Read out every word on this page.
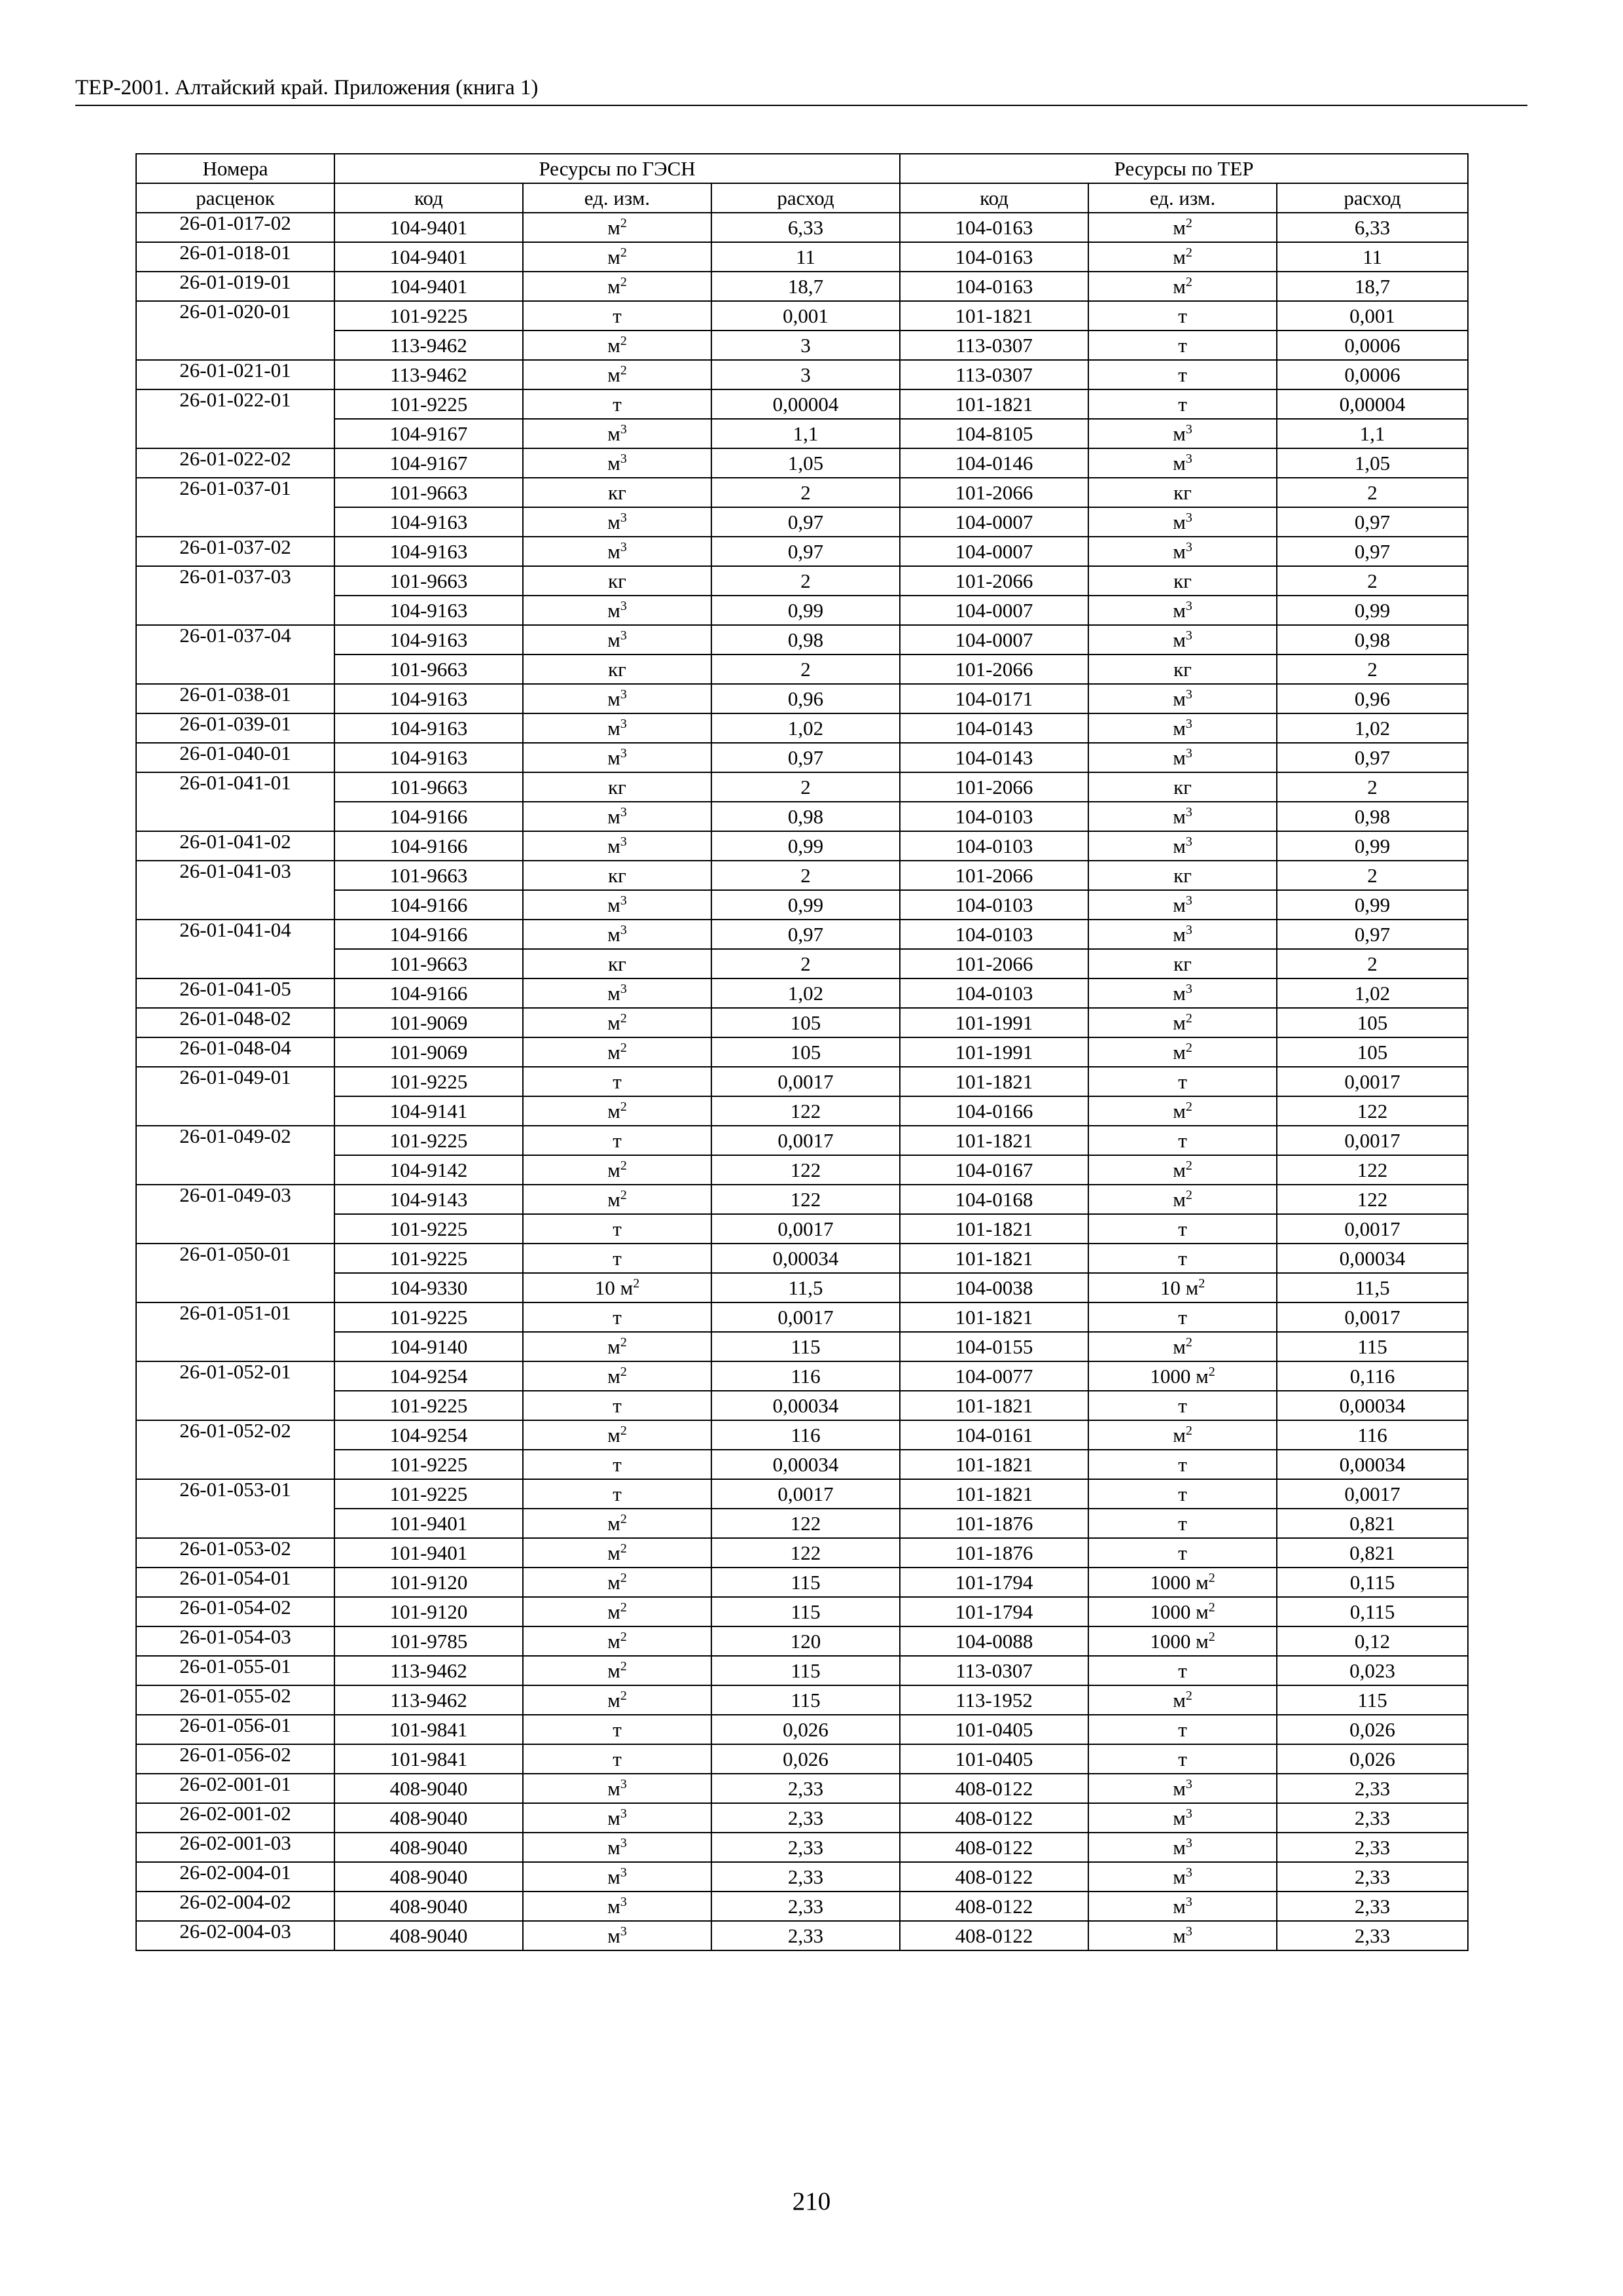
ТЕР-2001. Алтайский край. Приложения (книга 1)
Номера	Ресурсы по ГЭСН			Ресурсы по ТЕР		
расценок	код	ед. изм.	расход	код	ед. изм.	расход
26-01-017-02	104-9401	$м^2$	6,33	104-0163	$м^2$	6,33
26-01-018-01	104-9401	$м^2$	11	104-0163	$м^2$	11
26-01-019-01	104-9401	$м^2$	18,7	104-0163	$м^2$	18,7
26-01-020-01	101-9225	т	0,001	101-1821	т	0,001
	113-9462	$м^2$	3	113-0307	т	0,0006
26-01-021-01	113-9462	$м^2$	3	113-0307	т	0,0006
26-01-022-01	101-9225	т	0,00004	101-1821	т	0,00004
	104-9167	$м^3$	1,1	104-8105	$м^3$	1,1
26-01-022-02	104-9167	$м^3$	1,05	104-0146	$м^3$	1,05
26-01-037-01	101-9663	кг	2	101-2066	кг	2
	104-9163	$м^3$	0,97	104-0007	$м^3$	0,97
26-01-037-02	104-9163	$м^3$	0,97	104-0007	$м^3$	0,97
26-01-037-03	101-9663	кг	2	101-2066	кг	2
	104-9163	$м^3$	0,99	104-0007	$м^3$	0,99
26-01-037-04	104-9163	$м^3$	0,98	104-0007	$м^3$	0,98
	101-9663	кг	2	101-2066	кг	2
26-01-038-01	104-9163	$м^3$	0,96	104-0171	$м^3$	0,96
26-01-039-01	104-9163	$м^3$	1,02	104-0143	$м^3$	1,02
26-01-040-01	104-9163	$м^3$	0,97	104-0143	$м^3$	0,97
26-01-041-01	101-9663	кг	2	101-2066	кг	2
	104-9166	$м^3$	0,98	104-0103	$м^3$	0,98
26-01-041-02	104-9166	$м^3$	0,99	104-0103	$м^3$	0,99
26-01-041-03	101-9663	кг	2	101-2066	кг	2
	104-9166	$м^3$	0,99	104-0103	$м^3$	0,99
26-01-041-04	104-9166	$м^3$	0,97	104-0103	$м^3$	0,97
	101-9663	кг	2	101-2066	кг	2
26-01-041-05	104-9166	$м^3$	1,02	104-0103	$м^3$	1,02
26-01-048-02	101-9069	$м^2$	105	101-1991	$м^2$	105
26-01-048-04	101-9069	$м^2$	105	101-1991	$м^2$	105
26-01-049-01	101-9225	т	0,0017	101-1821	т	0,0017
	104-9141	$м^2$	122	104-0166	$м^2$	122
26-01-049-02	101-9225	т	0,0017	101-1821	т	0,0017
	104-9142	$м^2$	122	104-0167	$м^2$	122
26-01-049-03	104-9143	$м^2$	122	104-0168	$м^2$	122
	101-9225	т	0,0017	101-1821	т	0,0017
26-01-050-01	101-9225	т	0,00034	101-1821	т	0,00034
	104-9330	10 $м^2$	11,5	104-0038	10 $м^2$	11,5
26-01-051-01	101-9225	т	0,0017	101-1821	т	0,0017
	104-9140	$м^2$	115	104-0155	$м^2$	115
26-01-052-01	104-9254	$м^2$	116	104-0077	1000 $м^2$	0,116
	101-9225	т	0,00034	101-1821	т	0,00034
26-01-052-02	104-9254	$м^2$	116	104-0161	$м^2$	116
	101-9225	т	0,00034	101-1821	т	0,00034
26-01-053-01	101-9225	т	0,0017	101-1821	т	0,0017
	101-9401	$м^2$	122	101-1876	т	0,821
26-01-053-02	101-9401	$м^2$	122	101-1876	т	0,821
26-01-054-01	101-9120	$м^2$	115	101-1794	1000 $м^2$	0,115
26-01-054-02	101-9120	$м^2$	115	101-1794	1000 $м^2$	0,115
26-01-054-03	101-9785	$м^2$	120	104-0088	1000 $м^2$	0,12
26-01-055-01	113-9462	$м^2$	115	113-0307	т	0,023
26-01-055-02	113-9462	$м^2$	115	113-1952	$м^2$	115
26-01-056-01	101-9841	т	0,026	101-0405	т	0,026
26-01-056-02	101-9841	т	0,026	101-0405	т	0,026
26-02-001-01	408-9040	$м^3$	2,33	408-0122	$м^3$	2,33
26-02-001-02	408-9040	$м^3$	2,33	408-0122	$м^3$	2,33
26-02-001-03	408-9040	$м^3$	2,33	408-0122	$м^3$	2,33
26-02-004-01	408-9040	$м^3$	2,33	408-0122	$м^3$	2,33
26-02-004-02	408-9040	$м^3$	2,33	408-0122	$м^3$	2,33
26-02-004-03	408-9040	$м^3$	2,33	408-0122	$м^3$	2,33
210
